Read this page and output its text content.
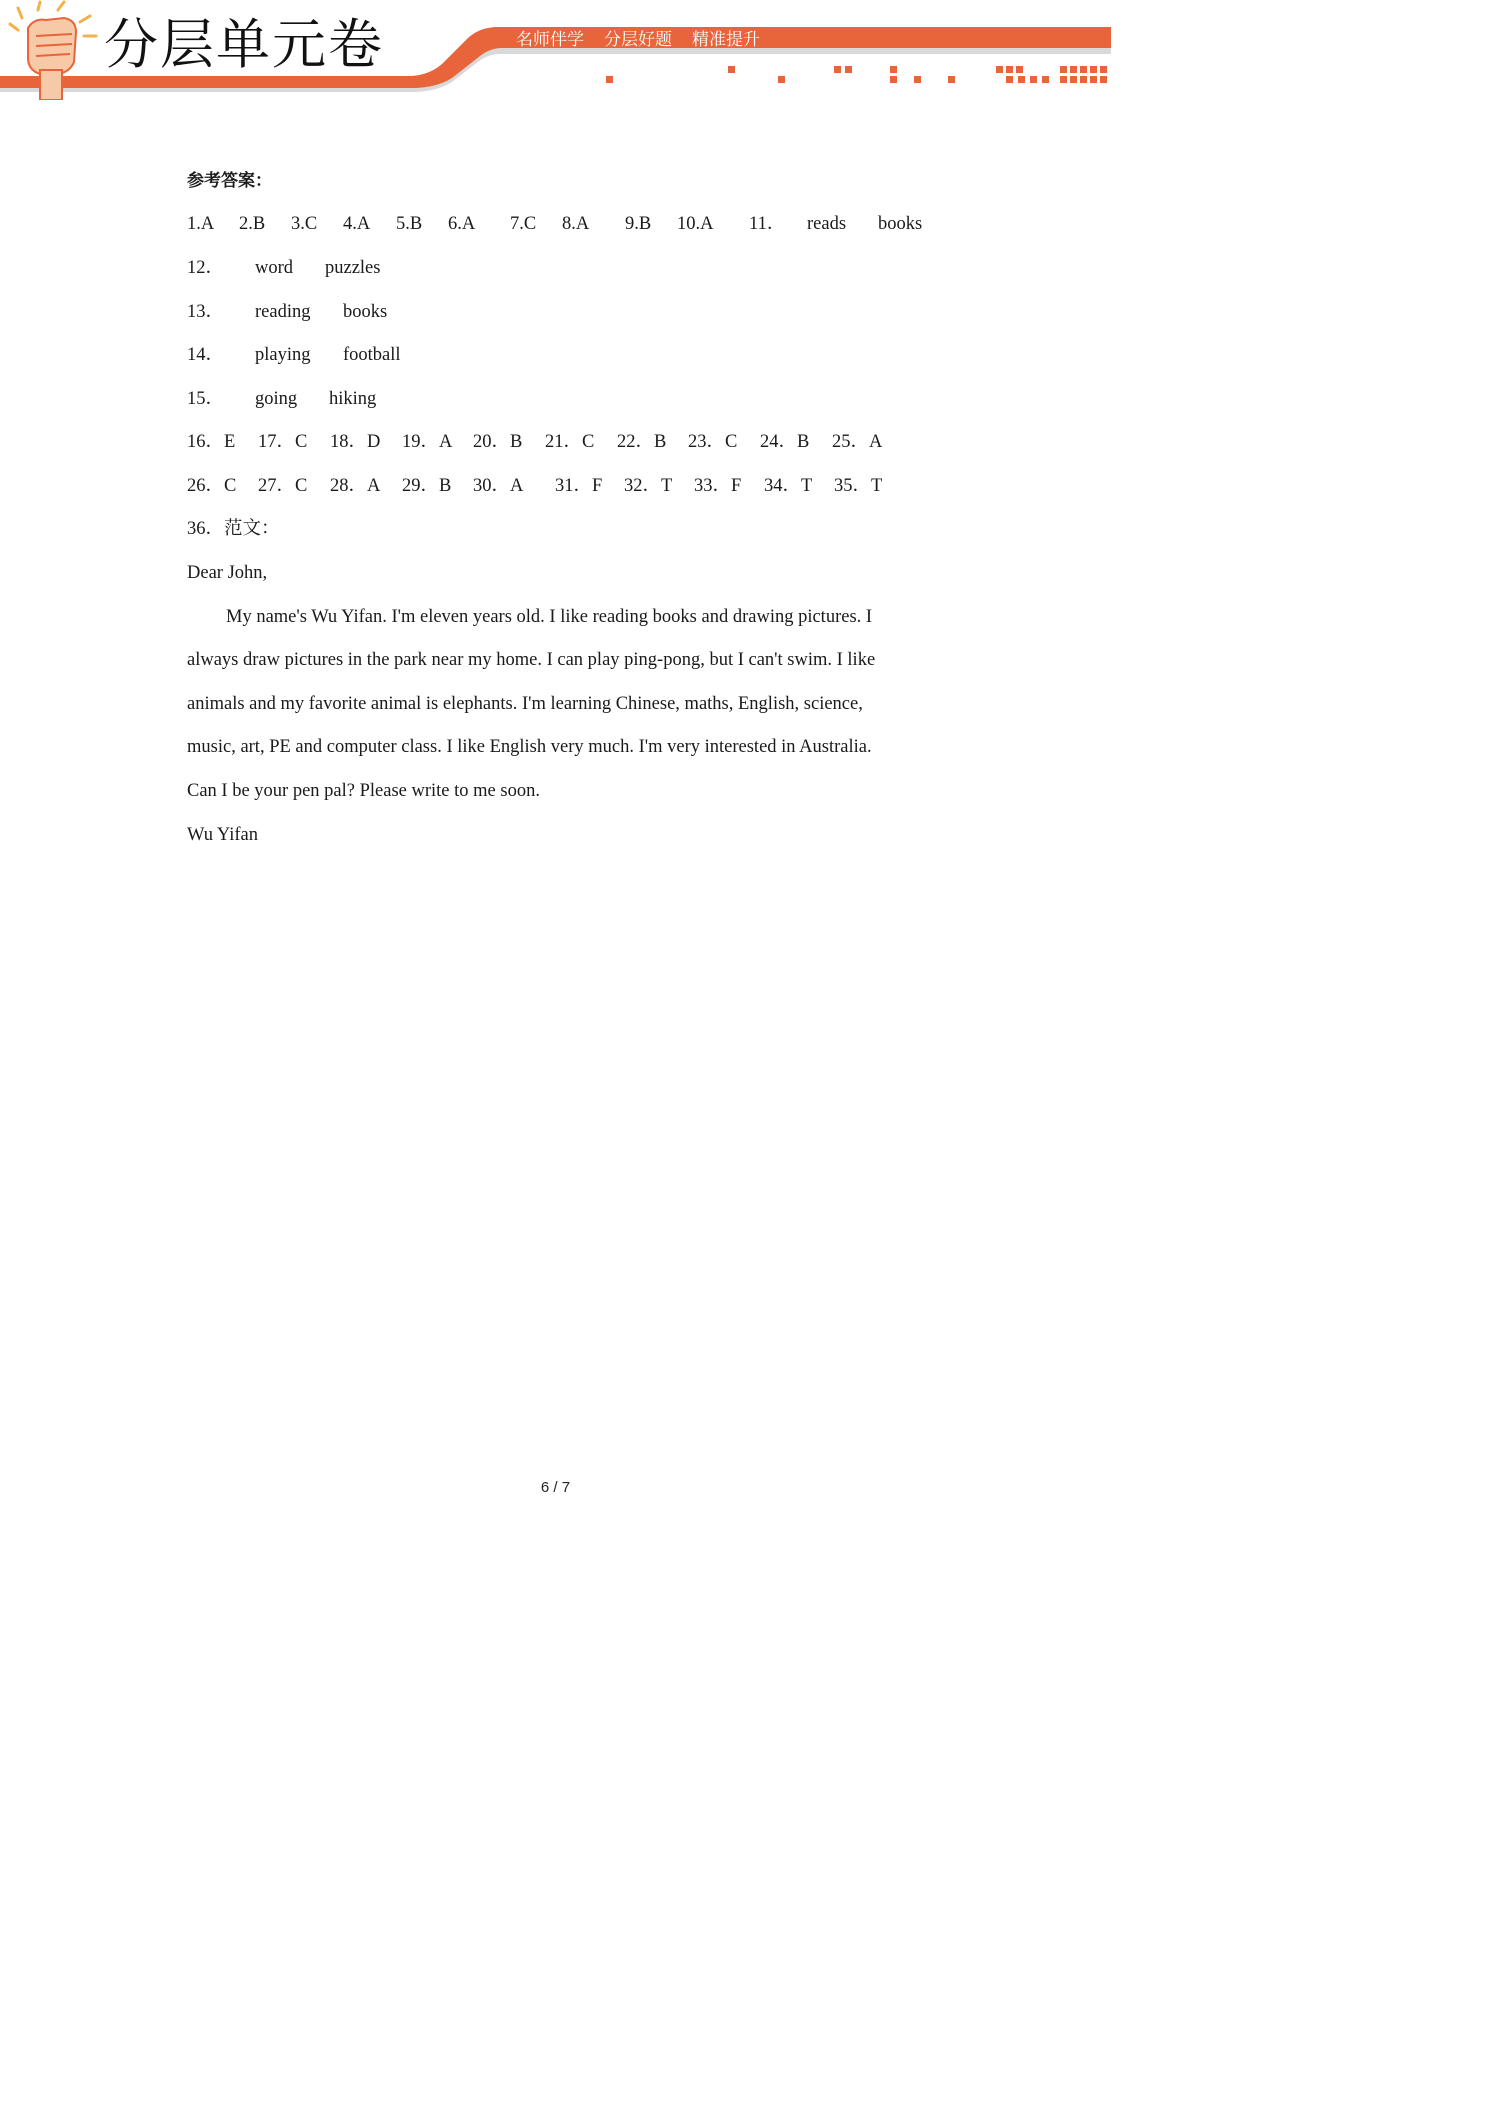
分层单元卷	名师伴学 分层好题 精准提升
参考答案：
1.A 2.B 3.C 4.A 5.B 6.A 7.C 8.A 9.B 10.A 11． reads books
12． word puzzles
13． reading books
14． playing football
15． going hiking
16．E 17．C 18．D 19．A 20．B 21．C 22．B 23．C 24．B 25．A
26．C 27．C 28．A 29．B 30．A 31．F 32．T 33．F 34．T 35．T
36．范文：
Dear John,
My name's Wu Yifan. I'm eleven years old. I like reading books and drawing pictures. I
always draw pictures in the park near my home. I can play ping-pong, but I can't swim. I like
animals and my favorite animal is elephants. I'm learning Chinese, maths, English, science,
music, art, PE and computer class. I like English very much. I'm very interested in Australia.
Can I be your pen pal? Please write to me soon.
Wu Yifan
6 / 7
